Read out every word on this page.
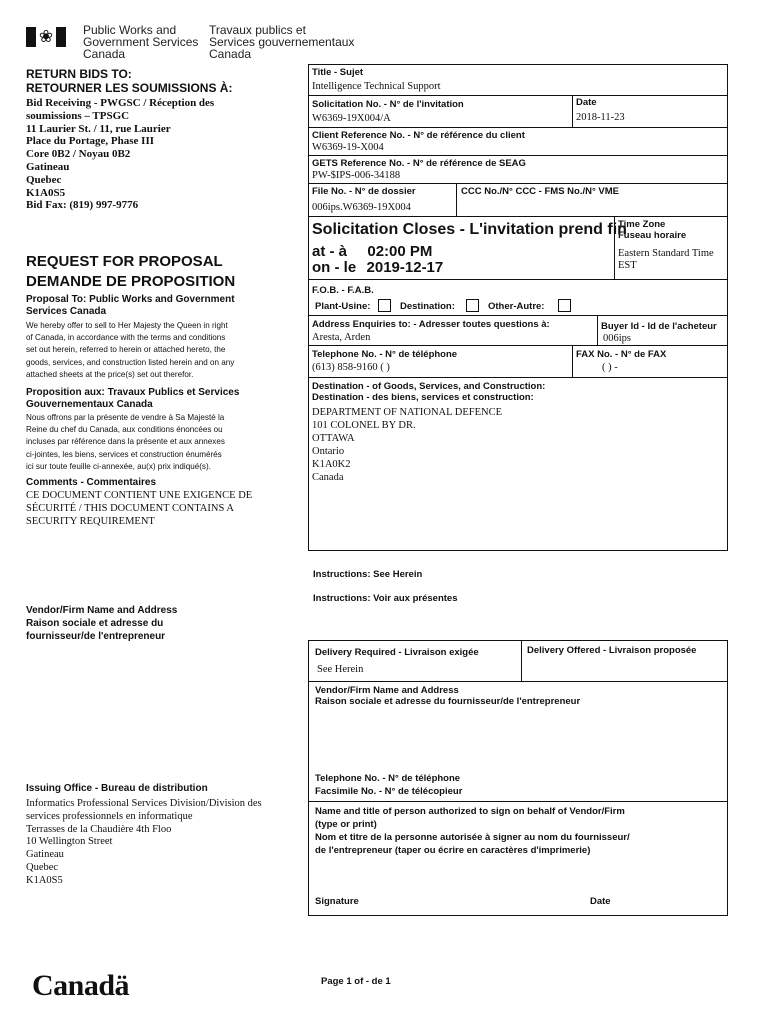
❀ Public Works and
Government Services
Canada
Travaux publics et
Services gouvernementaux
Canada
RETURN BIDS TO:
RETOURNER LES SOUMISSIONS À:
Bid Receiving - PWGSC / Réception des
soumissions – TPSGC
11 Laurier St. / 11, rue Laurier
Place du Portage, Phase III
Core 0B2 / Noyau 0B2
Gatineau
Quebec
K1A0S5
Bid Fax: (819) 997-9776
REQUEST FOR PROPOSAL
DEMANDE DE PROPOSITION
Proposal To: Public Works and Government
Services Canada
We hereby offer to sell to Her Majesty the Queen in right
of Canada, in accordance with the terms and conditions
set out herein, referred to herein or attached hereto, the
goods, services, and construction listed herein and on any
attached sheets at the price(s) set out therefor.
Proposition aux: Travaux Publics et Services
Gouvernementaux Canada
Nous offrons par la présente de vendre à Sa Majesté la
Reine du chef du Canada, aux conditions énoncées ou
incluses par référence dans la présente et aux annexes
ci-jointes, les biens, services et construction énumérés
ici sur toute feuille ci-annexée, au(x) prix indiqué(s).
Comments - Commentaires
CE DOCUMENT CONTIENT UNE EXIGENCE DE
SÉCURITÉ / THIS DOCUMENT CONTAINS A
SECURITY REQUIREMENT
Vendor/Firm Name and Address
Raison sociale et adresse du
fournisseur/de l'entrepreneur
Issuing Office - Bureau de distribution
Informatics Professional Services Division/Division des
services professionnels en informatique
Terrasses de la Chaudière 4th Floo
10 Wellington Street
Gatineau
Quebec
K1A0S5
Title - Sujet
Intelligence Technical Support
Solicitation No. - N° de l'invitation
W6369-19X004/A
Date
2018-11-23
Client Reference No. - N° de référence du client
W6369-19-X004
GETS Reference No. - N° de référence de SEAG
PW-$IPS-006-34188
File No. - N° de dossier
006ips.W6369-19X004
CCC No./N° CCC - FMS No./N° VME
Solicitation Closes - L'invitation prend fin
at - à 02:00 PM
on - le 2019-12-17
Time Zone
Fuseau horaire
Eastern Standard Time
EST
F.O.B. - F.A.B.
Plant-Usine:	Destination:	Other-Autre:
Address Enquiries to: - Adresser toutes questions à:
Aresta, Arden
Buyer Id - Id de l'acheteur
006ips
Telephone No. - N° de téléphone
(613) 858-9160 ( )
FAX No. - N° de FAX
( ) -
Destination - of Goods, Services, and Construction:
Destination - des biens, services et construction:
DEPARTMENT OF NATIONAL DEFENCE
101 COLONEL BY DR.
OTTAWA
Ontario
K1A0K2
Canada
Instructions: See Herein
Instructions: Voir aux présentes
Delivery Required - Livraison exigée
See Herein
Delivery Offered - Livraison proposée
Vendor/Firm Name and Address
Raison sociale et adresse du fournisseur/de l'entrepreneur
Telephone No. - N° de téléphone
Facsimile No. - N° de télécopieur
Name and title of person authorized to sign on behalf of Vendor/Firm
(type or print)
Nom et titre de la personne autorisée à signer au nom du fournisseur/
de l'entrepreneur (taper ou écrire en caractères d'imprimerie)
Signature	Date
Canadä	Page 1 of - de 1
